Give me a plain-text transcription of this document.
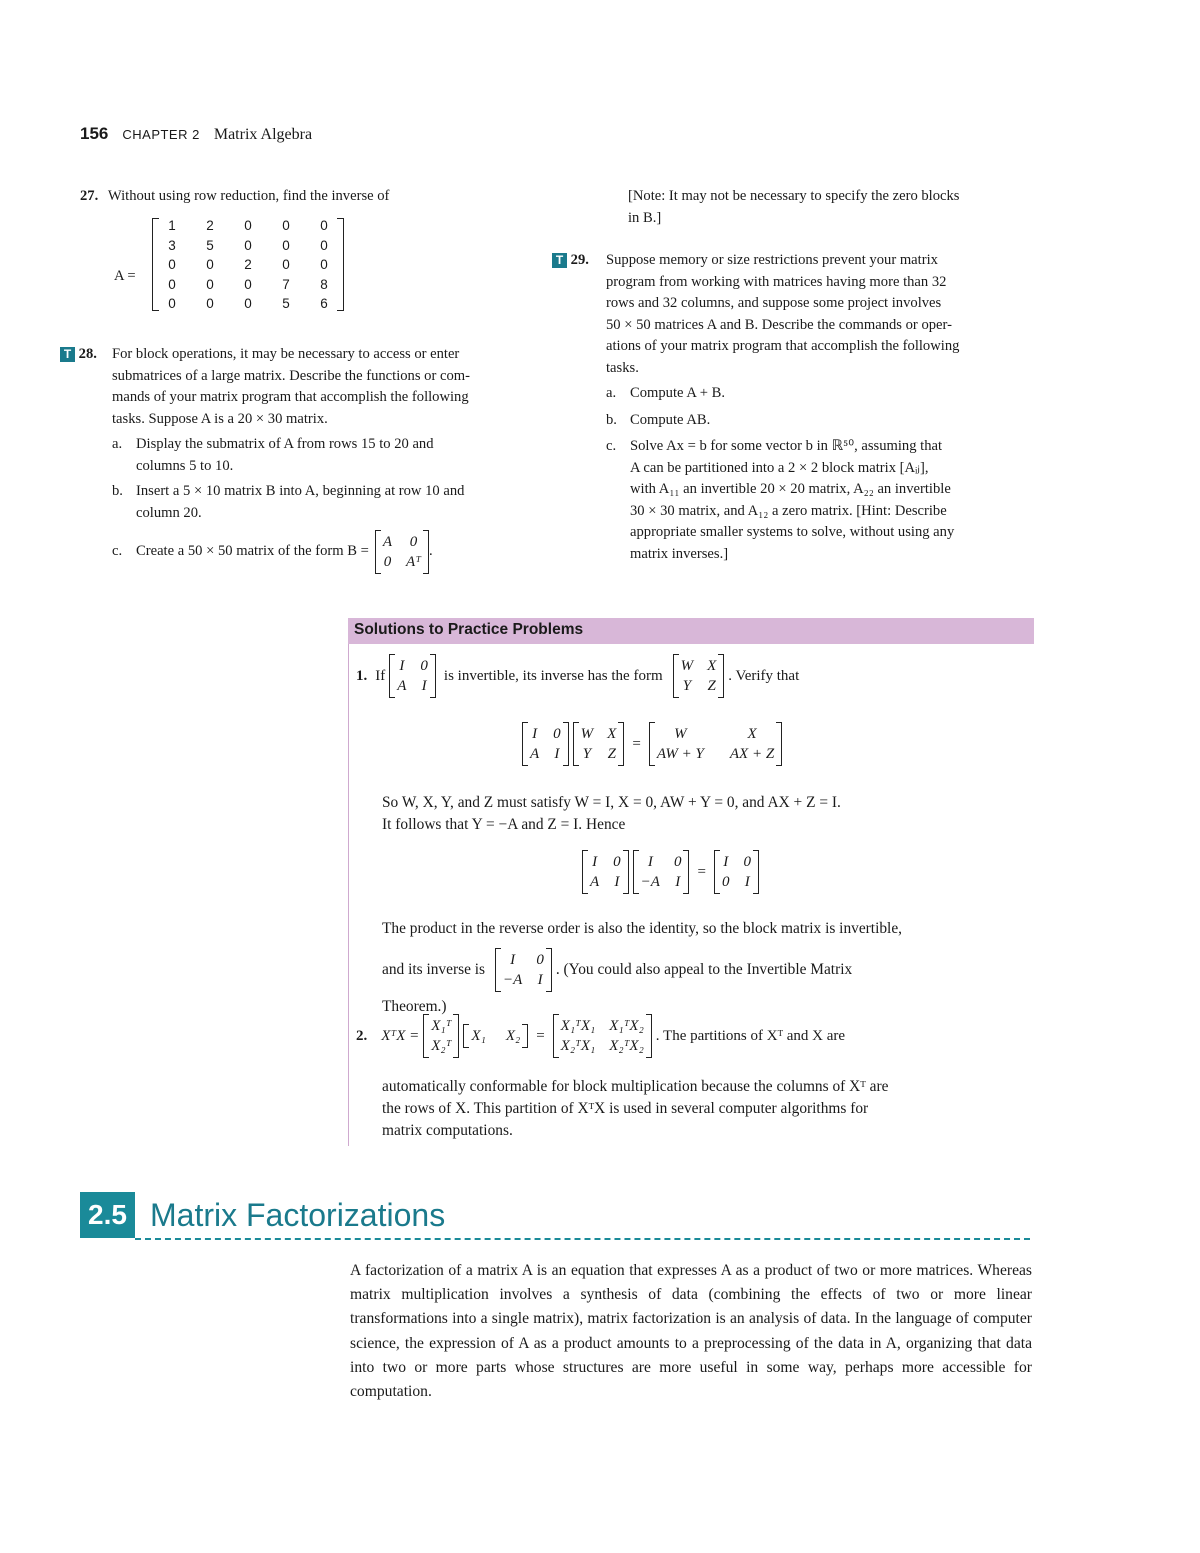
156 CHAPTER 2 Matrix Algebra
27. Without using row reduction, find the inverse of
A =
1	2	0	0	0
3	5	0	0	0
0	0	2	0	0
0	0	0	7	8
0	0	0	5	6
T 28.	For block operations, it may be necessary to access or enter
submatrices of a large matrix. Describe the functions or com-
mands of your matrix program that accomplish the following
tasks. Suppose A is a 20 × 30 matrix.
a. Display the submatrix of A from rows 15 to 20 and
columns 5 to 10.
b. Insert a 5 × 10 matrix B into A, beginning at row 10 and
column 20.
c. Create a 50 × 50 matrix of the form B =
A 0
0 Aᵀ
.
[Note: It may not be necessary to specify the zero blocks
in B.]
T 29.	Suppose memory or size restrictions prevent your matrix
program from working with matrices having more than 32
rows and 32 columns, and suppose some project involves
50 × 50 matrices A and B. Describe the commands or oper-
ations of your matrix program that accomplish the following
tasks.
a. Compute A + B.
b. Compute AB.
c. Solve Ax = b for some vector b in ℝ⁵⁰, assuming that
A can be partitioned into a 2 × 2 block matrix [Aᵢⱼ],
with A₁₁ an invertible 20 × 20 matrix, A₂₂ an invertible
30 × 30 matrix, and A₁₂ a zero matrix. [Hint: Describe
appropriate smaller systems to solve, without using any
matrix inverses.]
Solutions to Practice Problems
1. If
I 0
A I
is invertible, its inverse has the form
W X
Y Z
. Verify that
I 0
A I
W X
Y Z
=
W	X
AW + Y AX + Z
So W, X, Y, and Z must satisfy W = I, X = 0, AW + Y = 0, and AX + Z = I.
It follows that Y = −A and Z = I. Hence
I 0
A I
I	0
−A I
=
I 0
0 I
The product in the reverse order is also the identity, so the block matrix is invertible,
and its inverse is
I	0
−A I
. (You could also appeal to the Invertible Matrix
Theorem.)
2. XᵀX =
X₁ᵀ
X₂ᵀ
X₁ X₂ =
X₁ᵀX₁ X₁ᵀX₂
X₂ᵀX₁ X₂ᵀX₂
. The partitions of Xᵀ and X are
automatically conformable for block multiplication because the columns of Xᵀ are
the rows of X. This partition of XᵀX is used in several computer algorithms for
matrix computations.
2.5 Matrix Factorizations
A factorization of a matrix A is an equation that expresses A as a product of two or more matrices. Whereas matrix multiplication involves a synthesis of data (combining the effects of two or more linear transformations into a single matrix), matrix factorization is an analysis of data. In the language of computer science, the expression of A as a product amounts to a preprocessing of the data in A, organizing that data into two or more parts whose structures are more useful in some way, perhaps more accessible for computation.
